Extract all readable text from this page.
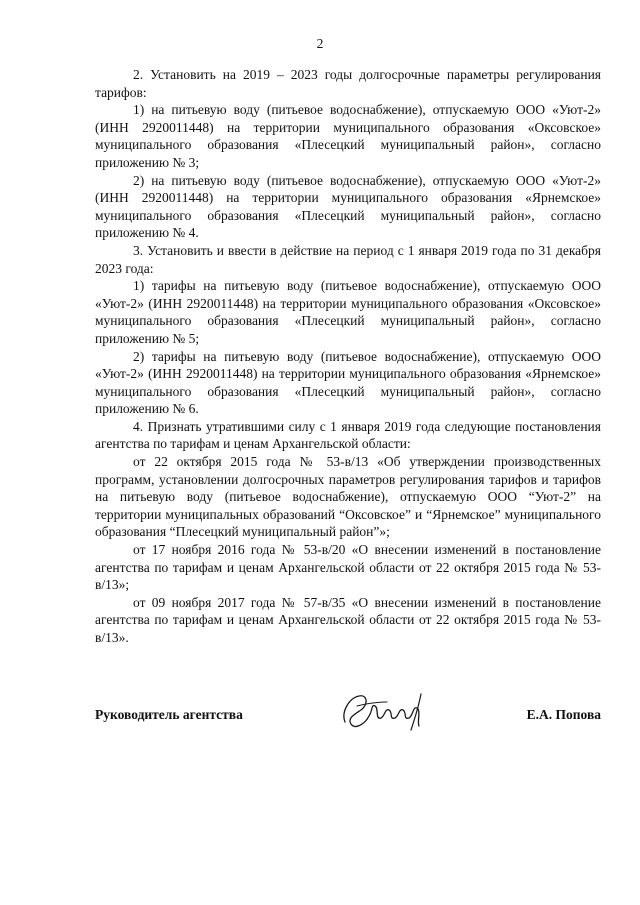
2

2. Установить на 2019 – 2023 годы долгосрочные параметры регулирования тарифов:

1) на питьевую воду (питьевое водоснабжение), отпускаемую ООО «Уют-2» (ИНН 2920011448) на территории муниципального образования «Оксовское» муниципального образования «Плесецкий муниципальный район», согласно приложению № 3;

2) на питьевую воду (питьевое водоснабжение), отпускаемую ООО «Уют-2» (ИНН 2920011448) на территории муниципального образования «Ярнемское» муниципального образования «Плесецкий муниципальный район», согласно приложению № 4.

3. Установить и ввести в действие на период с 1 января 2019 года по 31 декабря 2023 года:

1) тарифы на питьевую воду (питьевое водоснабжение), отпускаемую ООО «Уют-2» (ИНН 2920011448) на территории муниципального образования «Оксовское» муниципального образования «Плесецкий муниципальный район», согласно приложению № 5;

2) тарифы на питьевую воду (питьевое водоснабжение), отпускаемую ООО «Уют-2» (ИНН 2920011448) на территории муниципального образования «Ярнемское» муниципального образования «Плесецкий муниципальный район», согласно приложению № 6.

4. Признать утратившими силу с 1 января 2019 года следующие постановления агентства по тарифам и ценам Архангельской области:

от 22 октября 2015 года № 53-в/13 «Об утверждении производственных программ, установлении долгосрочных параметров регулирования тарифов и тарифов на питьевую воду (питьевое водоснабжение), отпускаемую ООО “Уют-2” на территории муниципальных образований “Оксовское” и “Ярнемское” муниципального образования “Плесецкий муниципальный район”»;

от 17 ноября 2016 года № 53-в/20 «О внесении изменений в постановление агентства по тарифам и ценам Архангельской области от 22 октября 2015 года № 53-в/13»;

от 09 ноября 2017 года № 57-в/35 «О внесении изменений в постановление агентства по тарифам и ценам Архангельской области от 22 октября 2015 года № 53-в/13».

Руководитель агентства	Е.А. Попова
